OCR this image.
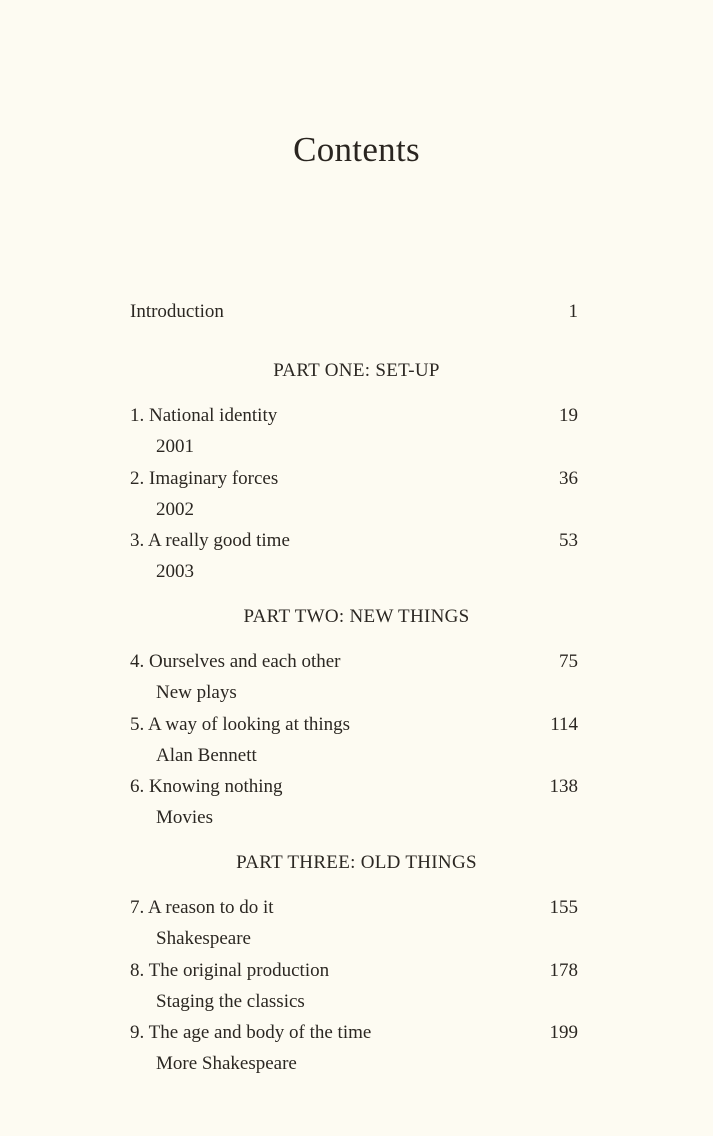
Contents
Introduction	1
PART ONE: SET-UP
1. National identity	19
2001
2. Imaginary forces	36
2002
3. A really good time	53
2003
PART TWO: NEW THINGS
4. Ourselves and each other	75
New plays
5. A way of looking at things	114
Alan Bennett
6. Knowing nothing	138
Movies
PART THREE: OLD THINGS
7. A reason to do it	155
Shakespeare
8. The original production	178
Staging the classics
9. The age and body of the time	199
More Shakespeare
